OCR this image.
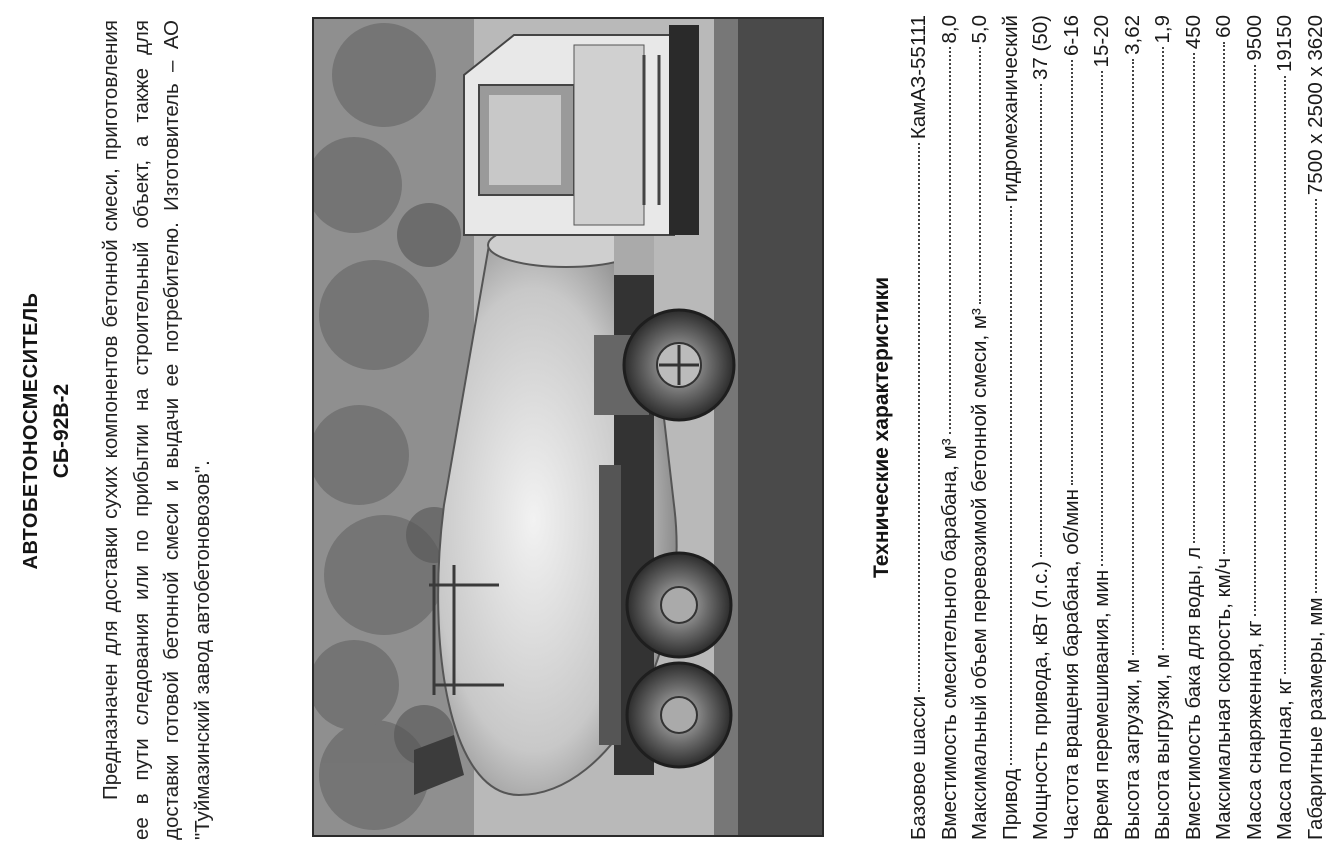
АВТОБЕТОНОСМЕСИТЕЛЬ СБ-92В-2 Предназначен для доставки сухих компонентов бетонной смеси, приготовления ее в пути следования или по прибытии на строительный объект, а также для доставки готовой бетонной смеси и выдачи ее потребителю. Изготовитель – АО "Туймазинский завод автобетоновозов".

Технические характеристики
Базовое шасси
КамАЗ-55111
Вместимость смесительного барабана, м³
8,0
Максимальный объем перевозимой бетонной смеси, м³
5,0
Привод
гидромеханический
Мощность привода, кВт (л.с.)
37 (50)
Частота вращения барабана, об/мин
6-16
Время перемешивания, мин
15-20
Высота загрузки, м
3,62
Высота выгрузки, м
1,9
Вместимость бака для воды, л
450
Максимальная скорость, км/ч
60
Масса снаряженная, кг
9500
Масса полная, кг
19150
Габаритные размеры, мм
7500 x 2500 x 3620
